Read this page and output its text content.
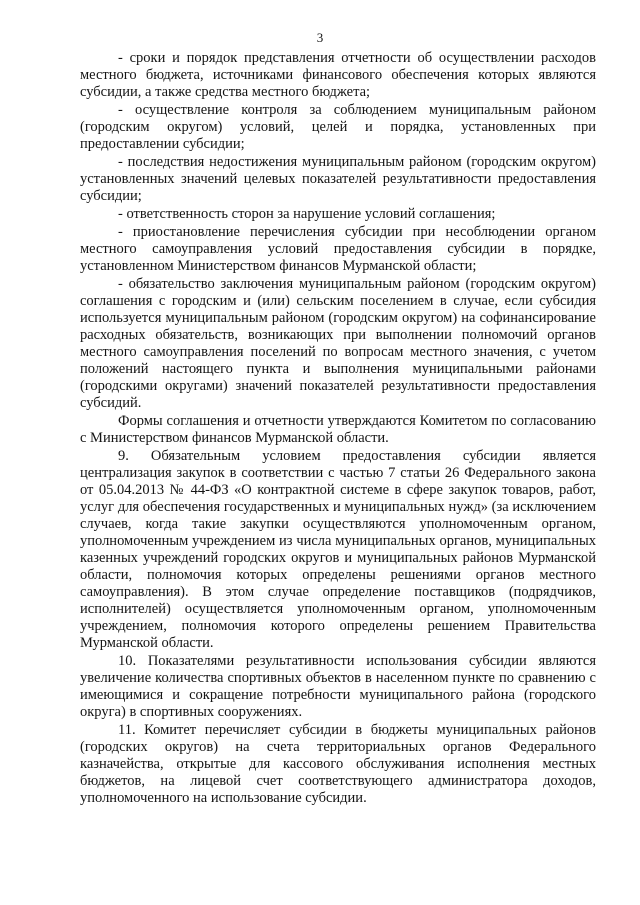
3

- сроки и порядок представления отчетности об осуществлении расходов местного бюджета, источниками финансового обеспечения которых являются субсидии, а также средства местного бюджета;

- осуществление контроля за соблюдением муниципальным районом (городским округом) условий, целей и порядка, установленных при предоставлении субсидии;

- последствия недостижения муниципальным районом (городским округом) установленных значений целевых показателей результативности предоставления субсидии;

- ответственность сторон за нарушение условий соглашения;

- приостановление перечисления субсидии при несоблюдении органом местного самоуправления условий предоставления субсидии в порядке, установленном Министерством финансов Мурманской области;

- обязательство заключения муниципальным районом (городским округом) соглашения с городским и (или) сельским поселением в случае, если субсидия используется муниципальным районом (городским округом) на софинансирование расходных обязательств, возникающих при выполнении полномочий органов местного самоуправления поселений по вопросам местного значения, с учетом положений настоящего пункта и выполнения муниципальными районами (городскими округами) значений показателей результативности предоставления субсидий.

Формы соглашения и отчетности утверждаются Комитетом по согласованию с Министерством финансов Мурманской области.

9. Обязательным условием предоставления субсидии является централизация закупок в соответствии с частью 7 статьи 26 Федерального закона от 05.04.2013 № 44-ФЗ «О контрактной системе в сфере закупок товаров, работ, услуг для обеспечения государственных и муниципальных нужд» (за исключением случаев, когда такие закупки осуществляются уполномоченным органом, уполномоченным учреждением из числа муниципальных органов, муниципальных казенных учреждений городских округов и муниципальных районов Мурманской области, полномочия которых определены решениями органов местного самоуправления). В этом случае определение поставщиков (подрядчиков, исполнителей) осуществляется уполномоченным органом, уполномоченным учреждением, полномочия которого определены решением Правительства Мурманской области.

10. Показателями результативности использования субсидии являются увеличение количества спортивных объектов в населенном пункте по сравнению с имеющимися и сокращение потребности муниципального района (городского округа) в спортивных сооружениях.

11. Комитет перечисляет субсидии в бюджеты муниципальных районов (городских округов) на счета территориальных органов Федерального казначейства, открытые для кассового обслуживания исполнения местных бюджетов, на лицевой счет соответствующего администратора доходов, уполномоченного на использование субсидии.
